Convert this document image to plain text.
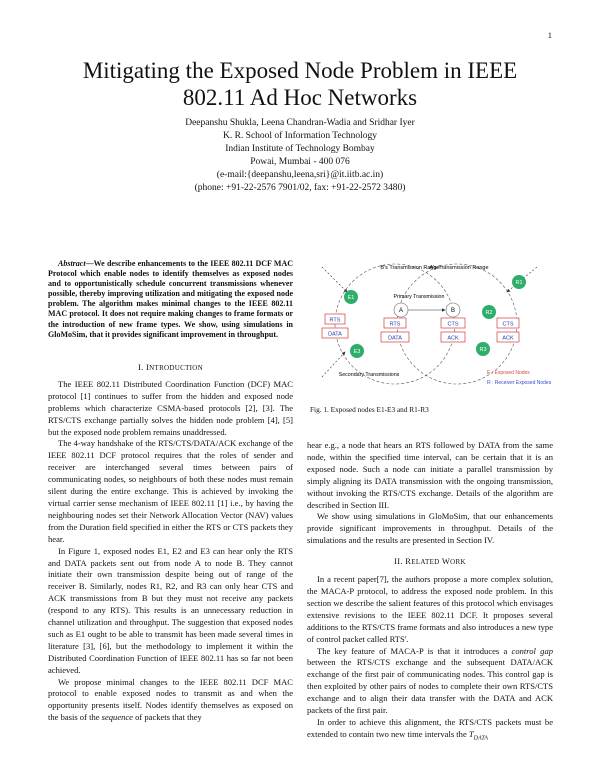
1
Mitigating the Exposed Node Problem in IEEE
802.11 Ad Hoc Networks
Deepanshu Shukla, Leena Chandran-Wadia and Sridhar Iyer
K. R. School of Information Technology
Indian Institute of Technology Bombay
Powai, Mumbai - 400 076
(e-mail:{deepanshu,leena,sri}@it.iitb.ac.in)
(phone: +91-22-2576 7901/02, fax: +91-22-2572 3480)

Abstract—We describe enhancements to the IEEE 802.11 DCF MAC Protocol which enable nodes to identify themselves as exposed nodes and to opportunistically schedule concurrent transmissions whenever possible, thereby improving utilization and mitigating the exposed node problem. The algorithm makes minimal changes to the IEEE 802.11 MAC protocol. It does not require making changes to frame formats or the introduction of new frame types. We show, using simulations in GloMoSim, that it provides significant improvement in throughput.

I. INTRODUCTION

The IEEE 802.11 Distributed Coordination Function (DCF) MAC protocol [1] continues to suffer from the hidden and exposed node problems which characterize CSMA-based protocols [2], [3]. The RTS/CTS exchange partially solves the hidden node problem [4], [5] but the exposed node problem remains unaddressed.

The 4-way handshake of the RTS/CTS/DATA/ACK exchange of the IEEE 802.11 DCF protocol requires that the roles of sender and receiver are interchanged several times between pairs of communicating nodes, so neighbours of both these nodes must remain silent during the entire exchange. This is achieved by invoking the virtual carrier sense mechanism of IEEE 802.11 [1] i.e., by having the neighbouring nodes set their Network Allocation Vector (NAV) values from the Duration field specified in either the RTS or CTS packets they hear.

In Figure 1, exposed nodes E1, E2 and E3 can hear only the RTS and DATA packets sent out from node A to node B. They cannot initiate their own transmission despite being out of range of the receiver B. Similarly, nodes R1, R2, and R3 can only hear CTS and ACK transmissions from B but they must not receive any packets (respond to any RTS). This results is an unnecessary reduction in channel utilization and throughput. The suggestion that exposed nodes such as E1 ought to be able to transmit has been made several times in literature [3], [6], but the methodology to implement it within the Distributed Coordination Function of IEEE 802.11 has so far not been achieved.

We propose minimal changes to the IEEE 802.11 DCF MAC protocol to enable exposed nodes to transmit as and when the opportunity presents itself. Nodes identify themselves as exposed on the basis of the sequence of packets that they

B's Transmission Range
A's Transmission Range
Primary Transmission
Secondary Transmissions
A	B
E1
E3
R1
R2
R3
RTS
DATA
RTS
DATA
CTS
ACK
CTS
ACK
E : Exposed Nodes
R : Receiver Exposed Nodes
Fig. 1. Exposed nodes E1-E3 and R1-R3

hear e.g., a node that hears an RTS followed by DATA from the same node, within the specified time interval, can be certain that it is an exposed node. Such a node can initiate a parallel transmission by simply aligning its DATA transmission with the ongoing transmission, without invoking the RTS/CTS exchange. Details of the algorithm are described in Section III.

We show using simulations in GloMoSim, that our enhancements provide significant improvements in throughput. Details of the simulations and the results are presented in Section IV.

II. RELATED WORK

In a recent paper[7], the authors propose a more complex solution, the MACA-P protocol, to address the exposed node problem. In this section we describe the salient features of this protocol which envisages extensive revisions to the IEEE 802.11 DCF. It proposes several additions to the RTS/CTS frame formats and also introduces a new type of control packet called RTS'.

The key feature of MACA-P is that it introduces a control gap between the RTS/CTS exchange and the subsequent DATA/ACK exchange of the first pair of communicating nodes. This control gap is then exploited by other pairs of nodes to complete their own RTS/CTS exchange and to align their data transfer with the DATA and ACK packets of the first pair.

In order to achieve this alignment, the RTS/CTS packets must be extended to contain two new time intervals the $T_{DATA}$
